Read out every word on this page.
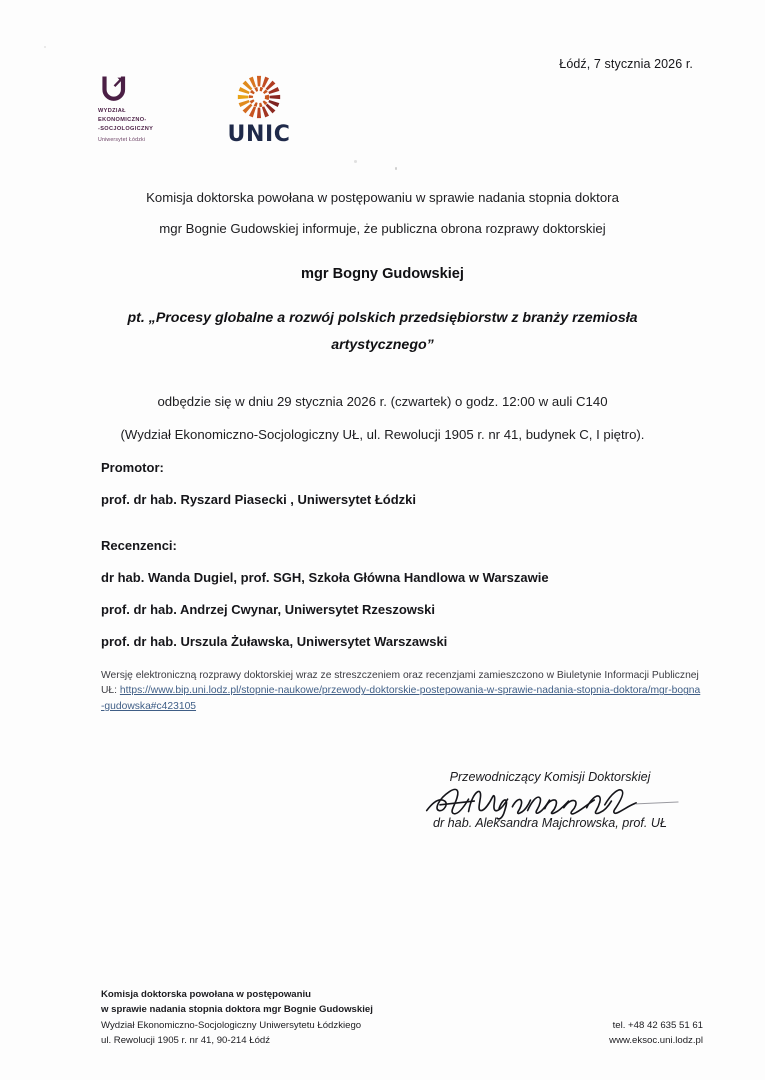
Łódź, 7 stycznia 2026 r.
WYDZIAŁ
EKONOMICZNO-
-SOCJOLOGICZNY
Uniwersytet Łódzki	UNIC
Komisja doktorska powołana w postępowaniu w sprawie nadania stopnia doktora
mgr Bognie Gudowskiej informuje, że publiczna obrona rozprawy doktorskiej
mgr Bogny Gudowskiej
pt. „Procesy globalne a rozwój polskich przedsiębiorstw z branży rzemiosła artystycznego”
odbędzie się w dniu 29 stycznia 2026 r. (czwartek) o godz. 12:00 w auli C140
(Wydział Ekonomiczno-Socjologiczny UŁ, ul. Rewolucji 1905 r. nr 41, budynek C, I piętro).
Promotor:
prof. dr hab. Ryszard Piasecki , Uniwersytet Łódzki
Recenzenci:
dr hab. Wanda Dugiel, prof. SGH, Szkoła Główna Handlowa w Warszawie
prof. dr hab. Andrzej Cwynar, Uniwersytet Rzeszowski
prof. dr hab. Urszula Żuławska, Uniwersytet Warszawski
Wersję elektroniczną rozprawy doktorskiej wraz ze streszczeniem oraz recenzjami zamieszczono w Biuletynie Informacji Publicznej UŁ: https://www.bip.uni.lodz.pl/stopnie-naukowe/przewody-doktorskie-postepowania-w-sprawie-nadania-stopnia-doktora/mgr-bogna-gudowska#c423105
Przewodniczący Komisji Doktorskiej
dr hab. Aleksandra Majchrowska, prof. UŁ
Komisja doktorska powołana w postępowaniu
w sprawie nadania stopnia doktora mgr Bognie Gudowskiej
Wydział Ekonomiczno-Socjologiczny Uniwersytetu Łódzkiego
ul. Rewolucji 1905 r. nr 41, 90-214 Łódź
tel. +48 42 635 51 61
www.eksoc.uni.lodz.pl
